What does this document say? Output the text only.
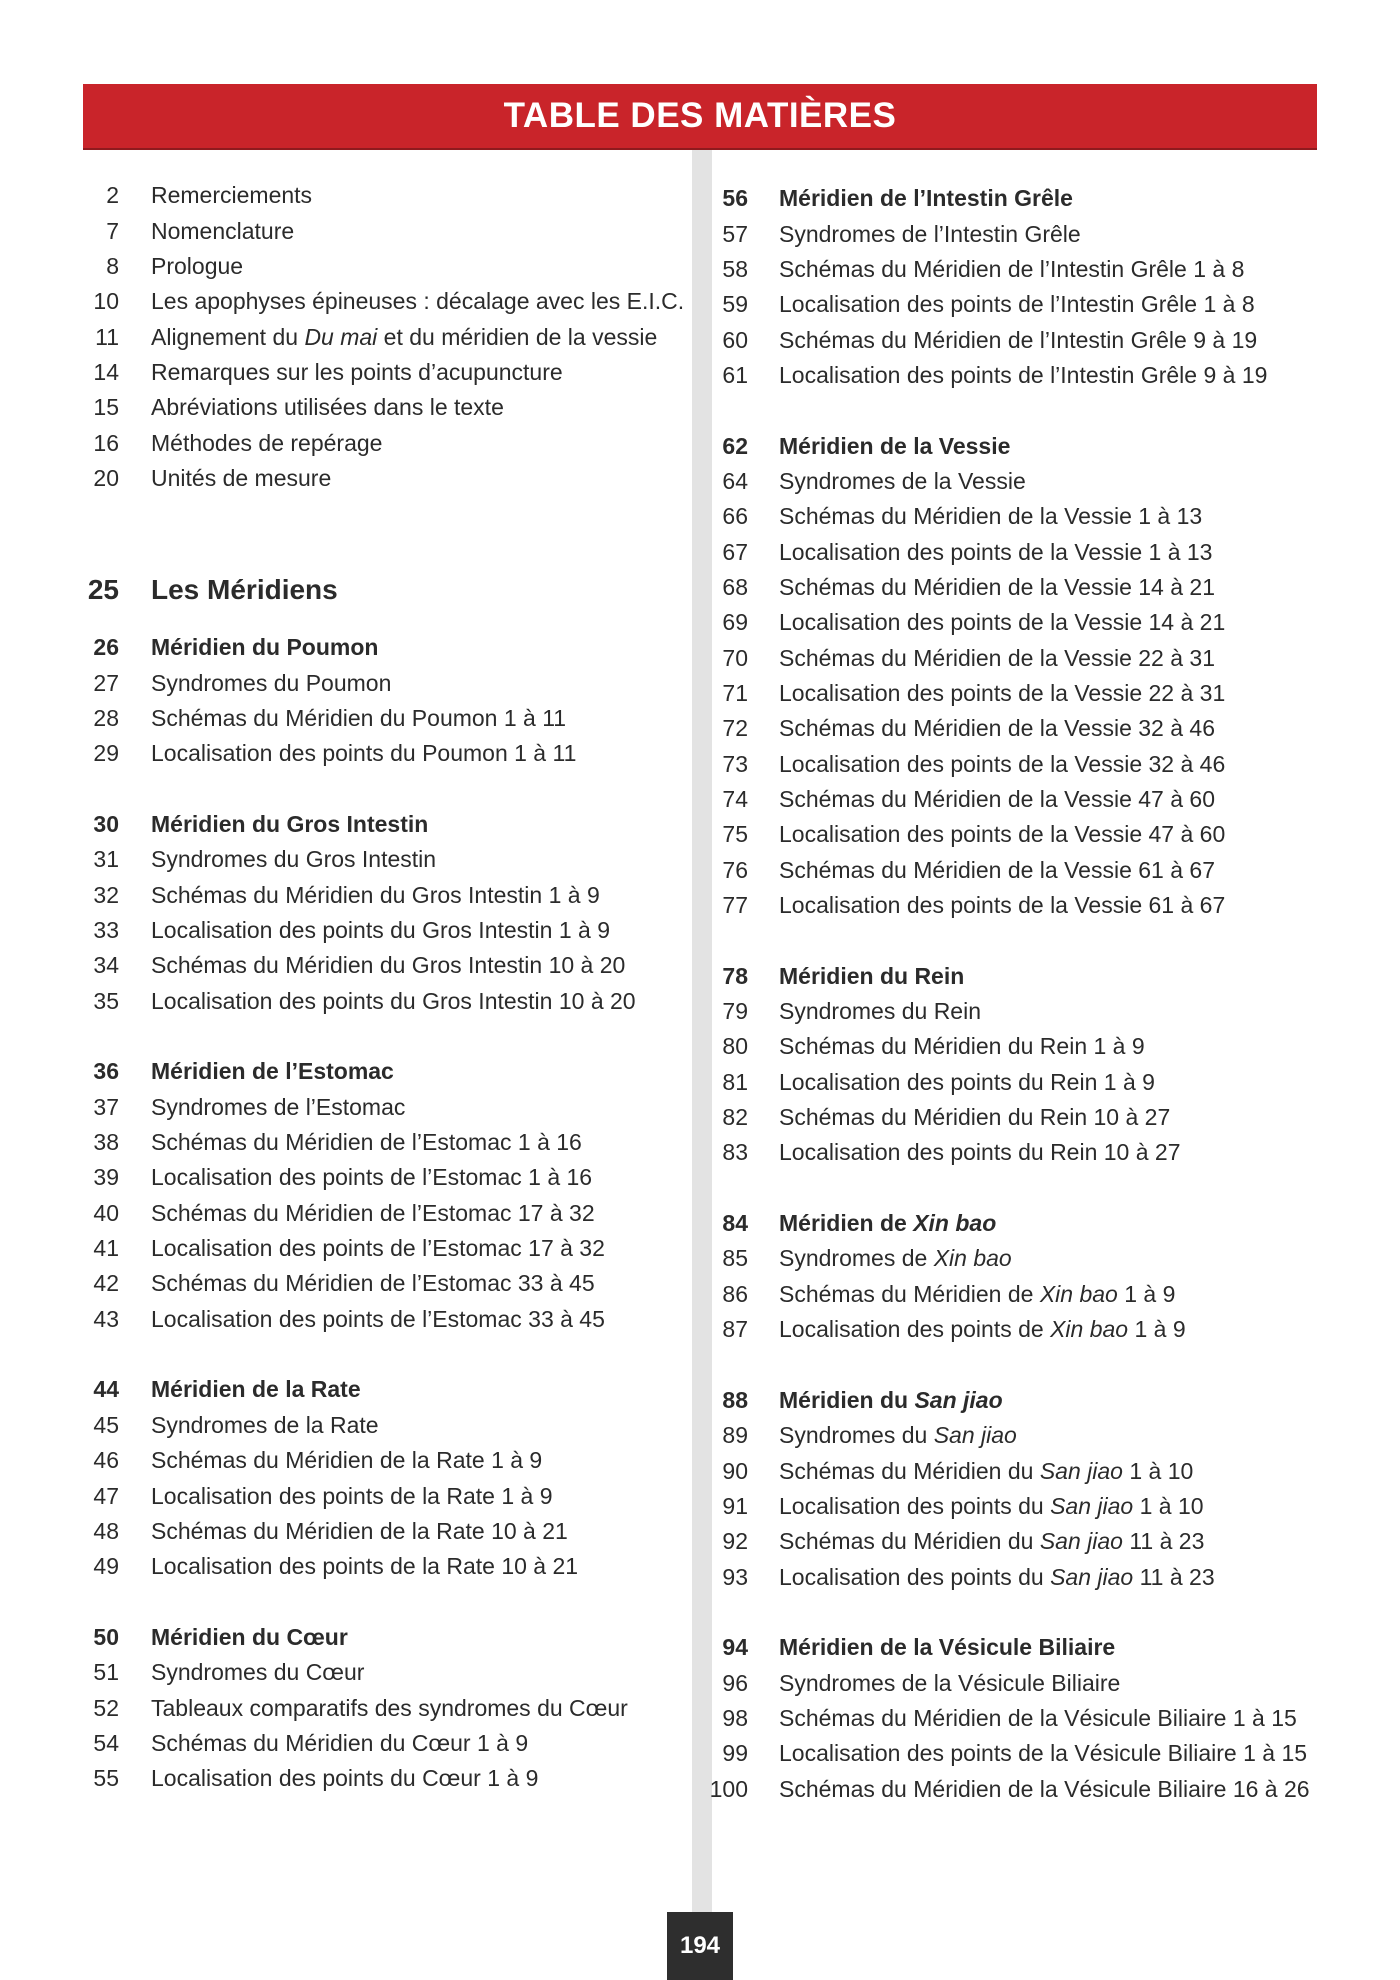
TABLE DES MATIÈRES
2 Remerciements
7 Nomenclature
8 Prologue
10 Les apophyses épineuses : décalage avec les E.I.C.
11 Alignement du Du mai et du méridien de la vessie
14 Remarques sur les points d’acupuncture
15 Abréviations utilisées dans le texte
16 Méthodes de repérage
20 Unités de mesure
25 Les Méridiens
26 Méridien du Poumon
27 Syndromes du Poumon
28 Schémas du Méridien du Poumon 1 à 11
29 Localisation des points du Poumon 1 à 11
30 Méridien du Gros Intestin
31 Syndromes du Gros Intestin
32 Schémas du Méridien du Gros Intestin 1 à 9
33 Localisation des points du Gros Intestin 1 à 9
34 Schémas du Méridien du Gros Intestin 10 à 20
35 Localisation des points du Gros Intestin 10 à 20
36 Méridien de l’Estomac
37 Syndromes de l’Estomac
38 Schémas du Méridien de l’Estomac 1 à 16
39 Localisation des points de l’Estomac 1 à 16
40 Schémas du Méridien de l’Estomac 17 à 32
41 Localisation des points de l’Estomac 17 à 32
42 Schémas du Méridien de l’Estomac 33 à 45
43 Localisation des points de l’Estomac 33 à 45
44 Méridien de la Rate
45 Syndromes de la Rate
46 Schémas du Méridien de la Rate 1 à 9
47 Localisation des points de la Rate 1 à 9
48 Schémas du Méridien de la Rate 10 à 21
49 Localisation des points de la Rate 10 à 21
50 Méridien du Cœur
51 Syndromes du Cœur
52 Tableaux comparatifs des syndromes du Cœur
54 Schémas du Méridien du Cœur 1 à 9
55 Localisation des points du Cœur 1 à 9
56 Méridien de l’Intestin Grêle
57 Syndromes de l’Intestin Grêle
58 Schémas du Méridien de l’Intestin Grêle 1 à 8
59 Localisation des points de l’Intestin Grêle 1 à 8
60 Schémas du Méridien de l’Intestin Grêle 9 à 19
61 Localisation des points de l’Intestin Grêle 9 à 19
62 Méridien de la Vessie
64 Syndromes de la Vessie
66 Schémas du Méridien de la Vessie 1 à 13
67 Localisation des points de la Vessie 1 à 13
68 Schémas du Méridien de la Vessie 14 à 21
69 Localisation des points de la Vessie 14 à 21
70 Schémas du Méridien de la Vessie 22 à 31
71 Localisation des points de la Vessie 22 à 31
72 Schémas du Méridien de la Vessie 32 à 46
73 Localisation des points de la Vessie 32 à 46
74 Schémas du Méridien de la Vessie 47 à 60
75 Localisation des points de la Vessie 47 à 60
76 Schémas du Méridien de la Vessie 61 à 67
77 Localisation des points de la Vessie 61 à 67
78 Méridien du Rein
79 Syndromes du Rein
80 Schémas du Méridien du Rein 1 à 9
81 Localisation des points du Rein 1 à 9
82 Schémas du Méridien du Rein 10 à 27
83 Localisation des points du Rein 10 à 27
84 Méridien de Xin bao
85 Syndromes de Xin bao
86 Schémas du Méridien de Xin bao 1 à 9
87 Localisation des points de Xin bao 1 à 9
88 Méridien du San jiao
89 Syndromes du San jiao
90 Schémas du Méridien du San jiao 1 à 10
91 Localisation des points du San jiao 1 à 10
92 Schémas du Méridien du San jiao 11 à 23
93 Localisation des points du San jiao 11 à 23
94 Méridien de la Vésicule Biliaire
96 Syndromes de la Vésicule Biliaire
98 Schémas du Méridien de la Vésicule Biliaire 1 à 15
99 Localisation des points de la Vésicule Biliaire 1 à 15
100 Schémas du Méridien de la Vésicule Biliaire 16 à 26
194
